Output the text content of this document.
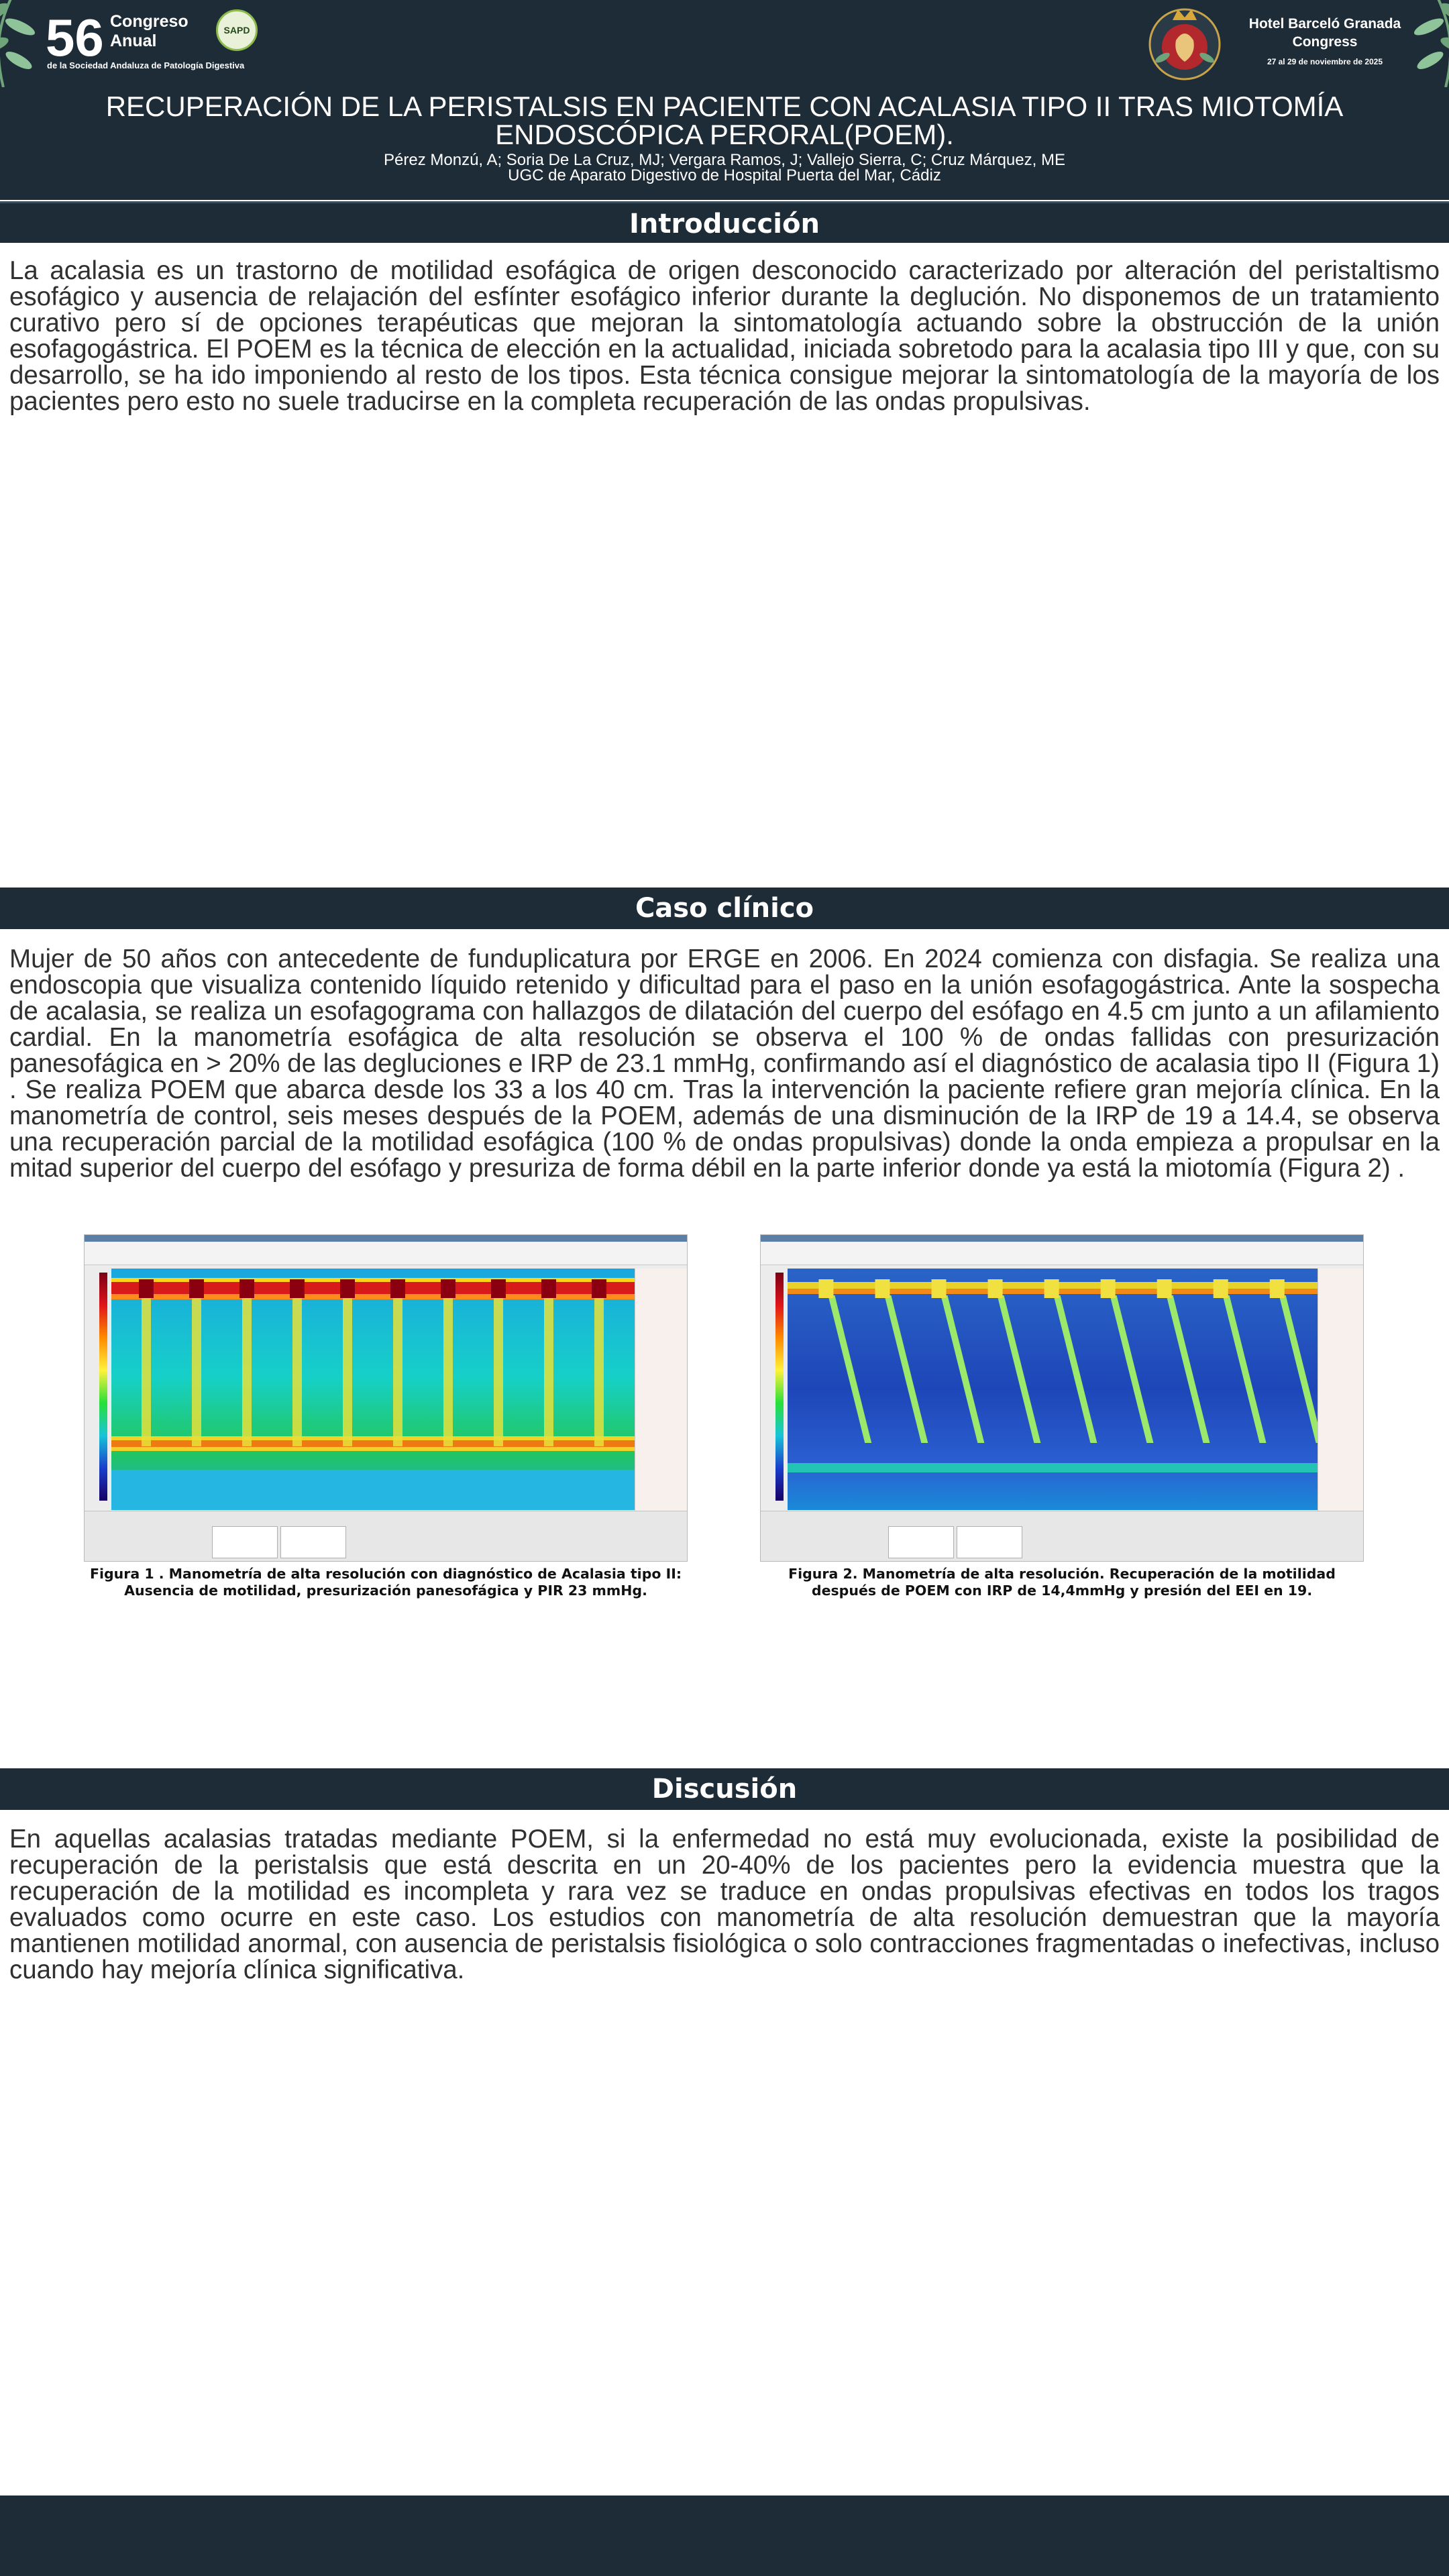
56 Congreso Anual
de la Sociedad Andaluza de Patología Digestiva
SAPD	Hotel Barceló Granada Congress
27 al 29 de noviembre de 2025
RECUPERACIÓN DE LA PERISTALSIS EN PACIENTE CON ACALASIA TIPO II TRAS MIOTOMÍA ENDOSCÓPICA PERORAL(POEM).
Pérez Monzú, A; Soria De La Cruz, MJ; Vergara Ramos, J; Vallejo Sierra, C; Cruz Márquez, ME
UGC de Aparato Digestivo de Hospital Puerta del Mar, Cádiz
Introducción

La acalasia es un trastorno de motilidad esofágica de origen desconocido caracterizado por alteración del peristaltismo esofágico y ausencia de relajación del esfínter esofágico inferior durante la deglución. No disponemos de un tratamiento curativo pero sí de opciones terapéuticas que mejoran la sintomatología actuando sobre la obstrucción de la unión esofagogástrica. El POEM es la técnica de elección en la actualidad, iniciada sobretodo para la acalasia tipo III y que, con su desarrollo, se ha ido imponiendo al resto de los tipos. Esta técnica consigue mejorar la sintomatología de la mayoría de los pacientes pero esto no suele traducirse en la completa recuperación de las ondas propulsivas.

Caso clínico

Mujer de 50 años con antecedente de funduplicatura por ERGE en 2006. En 2024 comienza con disfagia. Se realiza una endoscopia que visualiza contenido líquido retenido y dificultad para el paso en la unión esofagogástrica. Ante la sospecha de acalasia, se realiza un esofagograma con hallazgos de dilatación del cuerpo del esófago en 4.5 cm junto a un afilamiento cardial. En la manometría esofágica de alta resolución se observa el 100 % de ondas fallidas con presurización panesofágica en > 20% de las degluciones e IRP de 23.1 mmHg, confirmando así el diagnóstico de acalasia tipo II (Figura 1) . Se realiza POEM que abarca desde los 33 a los 40 cm. Tras la intervención la paciente refiere gran mejoría clínica. En la manometría de control, seis meses después de la POEM, además de una disminución de la IRP de 19 a 14.4, se observa una recuperación parcial de la motilidad esofágica (100 % de ondas propulsivas) donde la onda empieza a propulsar en la mitad superior del cuerpo del esófago y presuriza de forma débil en la parte inferior donde ya está la miotomía (Figura 2) .

Figura 1 . Manometría de alta resolución con diagnóstico de Acalasia tipo II: Ausencia de motilidad, presurización panesofágica y PIR 23 mmHg.
Figura 2. Manometría de alta resolución. Recuperación de la motilidad después de POEM con IRP de 14,4mmHg y presión del EEI en 19.
Discusión

En aquellas acalasias tratadas mediante POEM, si la enfermedad no está muy evolucionada, existe la posibilidad de recuperación de la peristalsis que está descrita en un 20-40% de los pacientes pero la evidencia muestra que la recuperación de la motilidad es incompleta y rara vez se traduce en ondas propulsivas efectivas en todos los tragos evaluados como ocurre en este caso. Los estudios con manometría de alta resolución demuestran que la mayoría mantienen motilidad anormal, con ausencia de peristalsis fisiológica o solo contracciones fragmentadas o inefectivas, incluso cuando hay mejoría clínica significativa.
